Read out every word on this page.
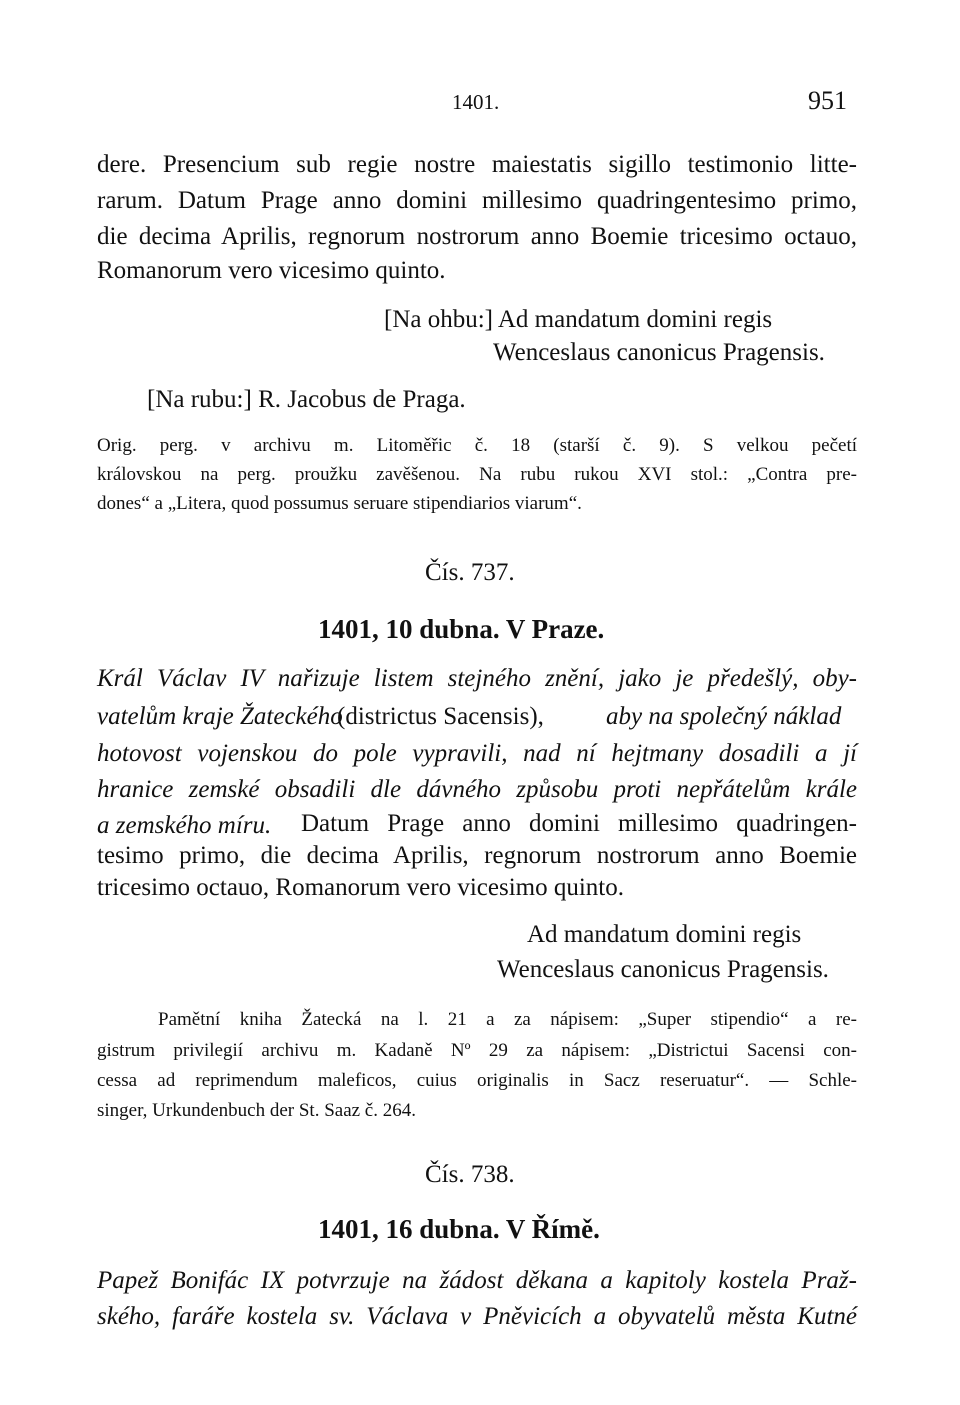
1401.	951
dere. Presencium sub regie nostre maiestatis sigillo testimonio litte-
rarum. Datum Prage anno domini millesimo quadringentesimo primo,
die decima Aprilis, regnorum nostrorum anno Boemie tricesimo octauo,
Romanorum vero vicesimo quinto.
[Na ohbu:] Ad mandatum domini regis
Wenceslaus canonicus Pragensis.
[Na rubu:] R. Jacobus de Praga.
Orig. perg. v archivu m. Litoměřic č. 18 (starší č. 9). S velkou pečetí
královskou na perg. proužku zavěšenou. Na rubu rukou XVI stol.: „Contra pre-
dones“ a „Litera, quod possumus seruare stipendiarios viarum“.
Čís. 737.
1401, 10 dubna. V Praze.
Král Václav IV nařizuje listem stejného znění, jako je předešlý, oby-
vatelům kraje Žateckého
(districtus Sacensis), aby na společný náklad
hotovost vojenskou do pole vypravili, nad ní hejtmany dosadili a jí
hranice zemské obsadili dle dávného způsobu proti nepřátelům krále
a zemského míru. Datum Prage anno domini millesimo quadringen-
tesimo primo, die decima Aprilis, regnorum nostrorum anno Boemie
tricesimo octauo, Romanorum vero vicesimo quinto.
Ad mandatum domini regis
Wenceslaus canonicus Pragensis.
Pamětní kniha Žatecká na l. 21 a za nápisem: „Super stipendio“ a re-
gistrum privilegií archivu m. Kadaně Nº 29 za nápisem: „Districtui Sacensi con-
cessa ad reprimendum maleficos, cuius originalis in Sacz reseruatur“. — Schle-
singer, Urkundenbuch der St. Saaz č. 264.
Čís. 738.
1401, 16 dubna. V Římě.
Papež Bonifác IX potvrzuje na žádost děkana a kapitoly kostela Praž-
ského, faráře kostela sv. Václava v Pněvicích a obyvatelů města Kutné
